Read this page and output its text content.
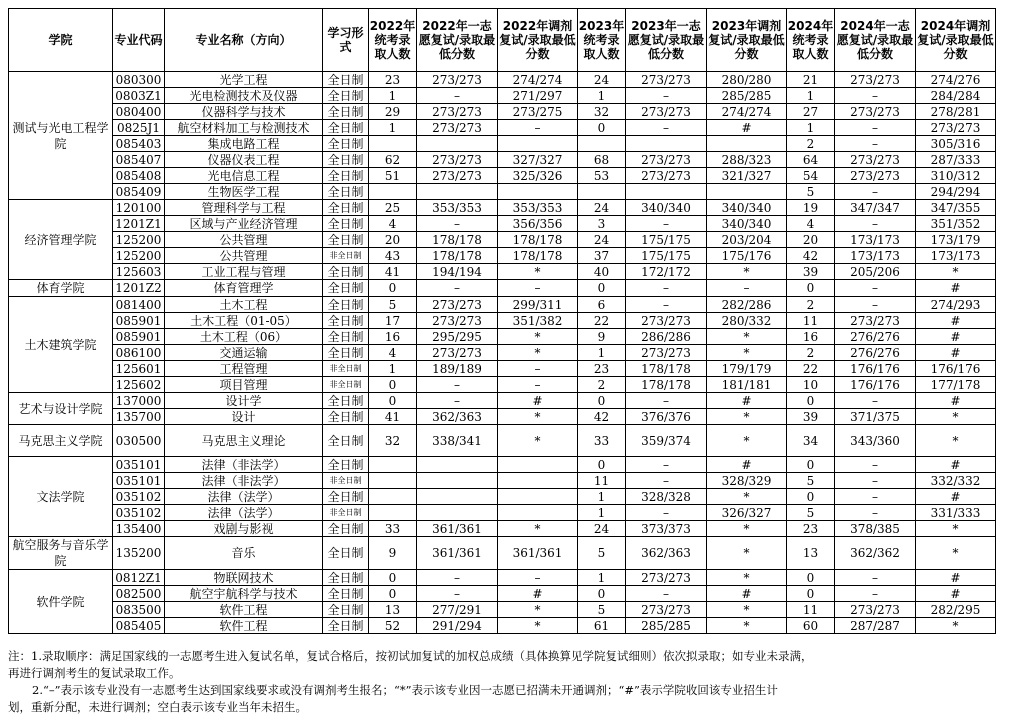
学院	专业代码	专业名称（方向）	学习形式	2022年统考录取人数	2022年一志愿复试/录取最低分数	2022年调剂复试/录取最低分数	2023年统考录取人数	2023年一志愿复试/录取最低分数	2023年调剂复试/录取最低分数	2024年统考录取人数	2024年一志愿复试/录取最低分数	2024年调剂复试/录取最低分数
测试与光电工程学院	080300	光学工程	全日制	23	273/273	274/274	24	273/273	280/280	21	273/273	274/276
	0803Z1	光电检测技术及仪器	全日制	1	–	271/297	1	–	285/285	1	–	284/284
	080400	仪器科学与技术	全日制	29	273/273	273/275	32	273/273	274/274	27	273/273	278/281
	0825J1	航空材料加工与检测技术	全日制	1	273/273	–	0	–	#	1	–	273/273
	085403	集成电路工程	全日制							2	–	305/316
	085407	仪器仪表工程	全日制	62	273/273	327/327	68	273/273	288/323	64	273/273	287/333
	085408	光电信息工程	全日制	51	273/273	325/326	53	273/273	321/327	54	273/273	310/312
	085409	生物医学工程	全日制							5	–	294/294
经济管理学院	120100	管理科学与工程	全日制	25	353/353	353/353	24	340/340	340/340	19	347/347	347/355
	1201Z1	区域与产业经济管理	全日制	4	–	356/356	3	–	340/340	4	–	351/352
	125200	公共管理	全日制	20	178/178	178/178	24	175/175	203/204	20	173/173	173/179
	125200	公共管理	非全日制	43	178/178	178/178	37	175/175	175/176	42	173/173	173/173
	125603	工业工程与管理	全日制	41	194/194	*	40	172/172	*	39	205/206	*
体育学院	1201Z2	体育管理学	全日制	0	–	–	0	–	–	0	–	#
土木建筑学院	081400	土木工程	全日制	5	273/273	299/311	6	–	282/286	2	–	274/293
	085901	土木工程（01-05）	全日制	17	273/273	351/382	22	273/273	280/332	11	273/273	#
	085901	土木工程（06）	全日制	16	295/295	*	9	286/286	*	16	276/276	#
	086100	交通运输	全日制	4	273/273	*	1	273/273	*	2	276/276	#
	125601	工程管理	非全日制	1	189/189	–	23	178/178	179/179	22	176/176	176/176
	125602	项目管理	非全日制	0	–	–	2	178/178	181/181	10	176/176	177/178
艺术与设计学院	137000	设计学	全日制	0	–	#	0	–	#	0	–	#
	135700	设计	全日制	41	362/363	*	42	376/376	*	39	371/375	*
马克思主义学院	030500	马克思主义理论	全日制	32	338/341	*	33	359/374	*	34	343/360	*
文法学院	035101	法律（非法学）	全日制				0	–	#	0	–	#
	035101	法律（非法学）	非全日制				11	–	328/329	5	–	332/332
	035102	法律（法学）	全日制				1	328/328	*	0	–	#
	035102	法律（法学）	非全日制				1	–	326/327	5	–	331/333
	135400	戏剧与影视	全日制	33	361/361	*	24	373/373	*	23	378/385	*
航空服务与音乐学院	135200	音乐	全日制	9	361/361	361/361	5	362/363	*	13	362/362	*
软件学院	0812Z1	物联网技术	全日制	0	–	–	1	273/273	*	0	–	#
	082500	航空宇航科学与技术	全日制	0	–	#	0	–	#	0	–	#
	083500	软件工程	全日制	13	277/291	*	5	273/273	*	11	273/273	282/295
	085405	软件工程	全日制	52	291/294	*	61	285/285	*	60	287/287	*

注：1.录取顺序：满足国家线的一志愿考生进入复试名单，复试合格后，按初试加复试的加权总成绩（具体换算见学院复试细则）依次拟录取；如专业未录满，

再进行调剂考生的复试录取工作。

2.“–”表示该专业没有一志愿考生达到国家线要求或没有调剂考生报名；“*”表示该专业因一志愿已招满未开通调剂；“#”表示学院收回该专业招生计

划，重新分配，未进行调剂；空白表示该专业当年未招生。
